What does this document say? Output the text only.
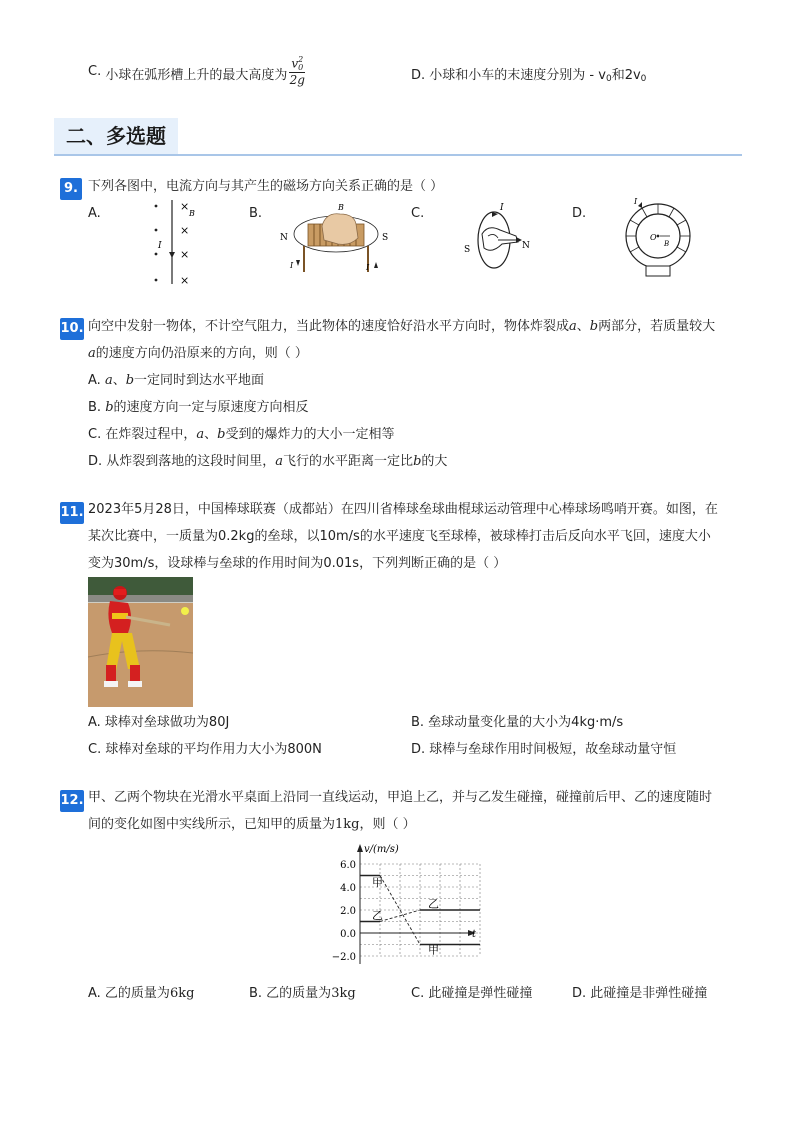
C. 小球在弧形槽上升的最大高度为 v 2
0
2g	D. 小球和小车的末速度分别为 - $v_0$和$2v_0$
二、多选题
9. 下列各图中，电流方向与其产生的磁场方向关系正确的是（ ）
A.	B.	C.	D.
I
×
B
×
×
×
B
I	I
N	S
I
S	N
I
O
B
10. 向空中发射一物体，不计空气阻力，当此物体的速度恰好沿水平方向时，物体炸裂成a、b两部分，若质量较大
a的速度方向仍沿原来的方向，则（ ）
A. a、b一定同时到达水平地面
B. b的速度方向一定与原速度方向相反
C. 在炸裂过程中，a、b受到的爆炸力的大小一定相等
D. 从炸裂到落地的这段时间里，a飞行的水平距离一定比b的大
11. 2023年5月28日，中国棒球联赛（成都站）在四川省棒球垒球曲棍球运动管理中心棒球场鸣哨开赛。如图，在
某次比赛中，一质量为0.2kg的垒球，以10m/s的水平速度飞至球棒，被球棒打击后反向水平飞回，速度大小
变为30m/s，设球棒与垒球的作用时间为0.01s，下列判断正确的是（ ）
A. 球棒对垒球做功为80J	B. 垒球动量变化量的大小为4kg·m/s
C. 球棒对垒球的平均作用力大小为800N	D. 球棒与垒球作用时间极短，故垒球动量守恒
12. 甲、乙两个物块在光滑水平桌面上沿同一直线运动，甲追上乙，并与乙发生碰撞，碰撞前后甲、乙的速度随时
间的变化如图中实线所示，已知甲的质量为1kg，则（ ）
v/(m/s)
t
6.0
4.0
2.0
0.0
−2.0
甲
甲
乙
乙
A. 乙的质量为6kg	B. 乙的质量为3kg	C. 此碰撞是弹性碰撞	D. 此碰撞是非弹性碰撞
